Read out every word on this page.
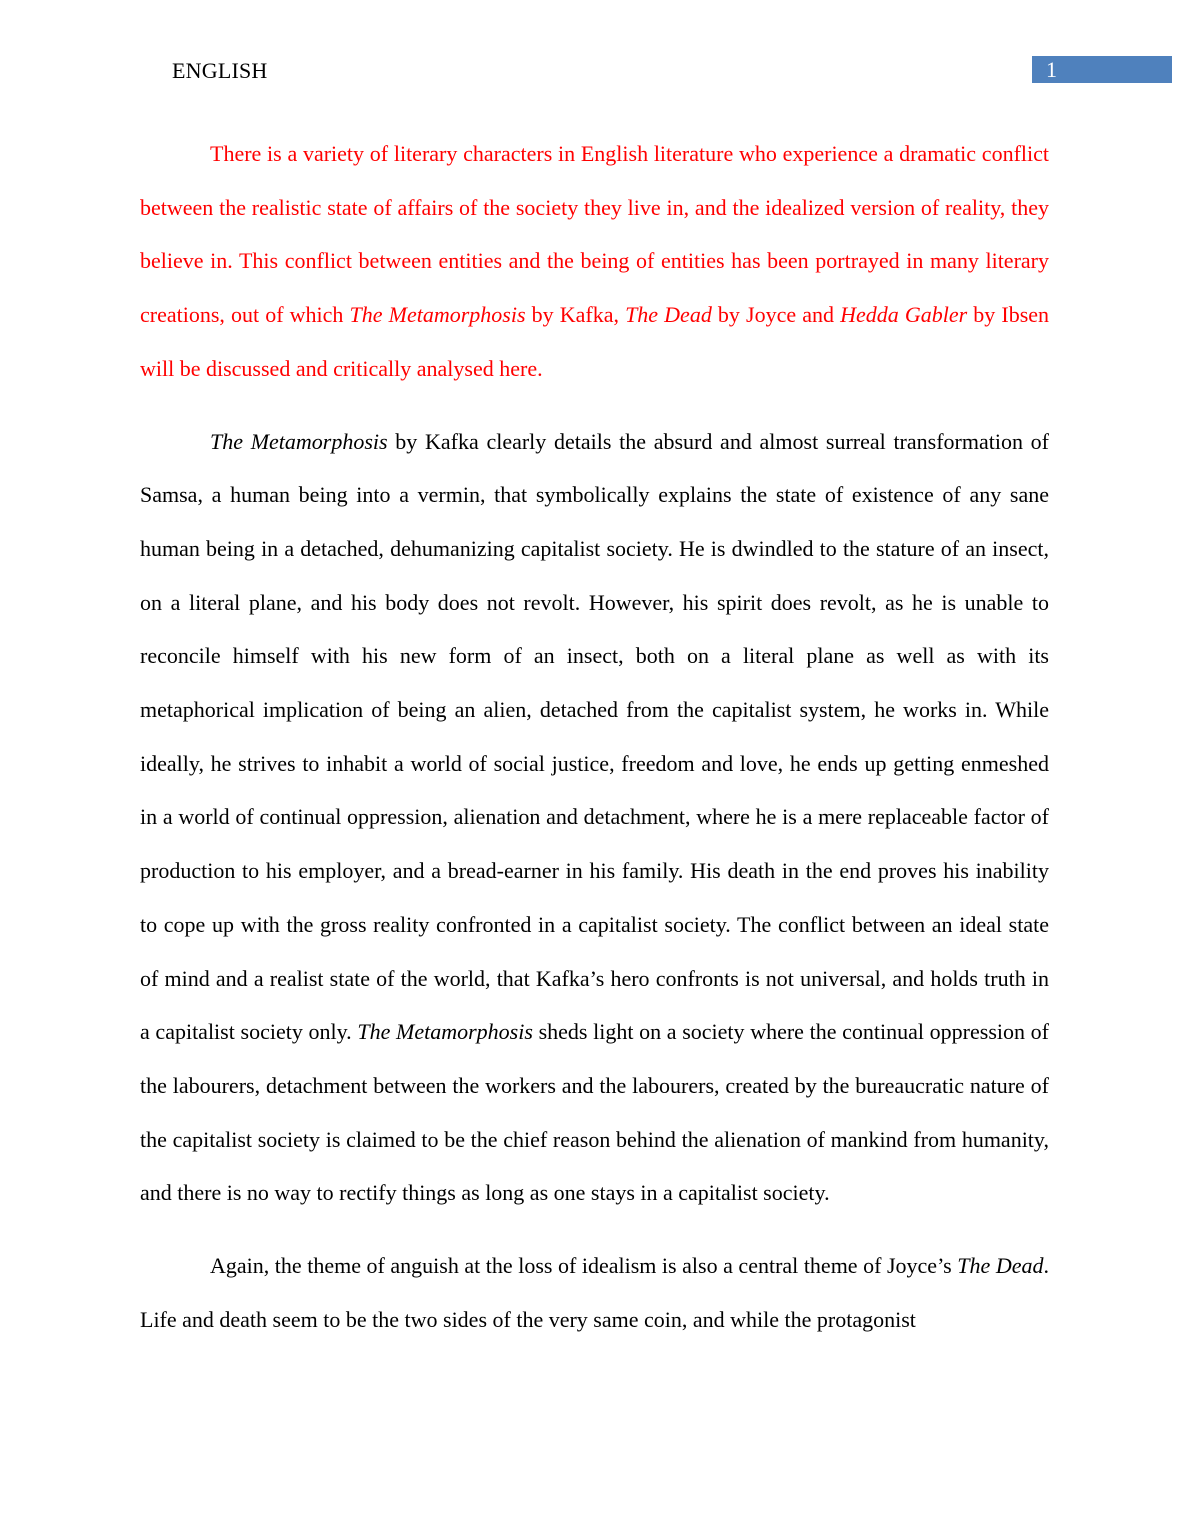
ENGLISH	1

There is a variety of literary characters in English literature who experience a dramatic conflict between the realistic state of affairs of the society they live in, and the idealized version of reality, they believe in. This conflict between entities and the being of entities has been portrayed in many literary creations, out of which The Metamorphosis by Kafka, The Dead by Joyce and Hedda Gabler by Ibsen will be discussed and critically analysed here.

The Metamorphosis by Kafka clearly details the absurd and almost surreal transformation of Samsa, a human being into a vermin, that symbolically explains the state of existence of any sane human being in a detached, dehumanizing capitalist society. He is dwindled to the stature of an insect, on a literal plane, and his body does not revolt. However, his spirit does revolt, as he is unable to reconcile himself with his new form of an insect, both on a literal plane as well as with its metaphorical implication of being an alien, detached from the capitalist system, he works in. While ideally, he strives to inhabit a world of social justice, freedom and love, he ends up getting enmeshed in a world of continual oppression, alienation and detachment, where he is a mere replaceable factor of production to his employer, and a bread-earner in his family. His death in the end proves his inability to cope up with the gross reality confronted in a capitalist society. The conflict between an ideal state of mind and a realist state of the world, that Kafka’s hero confronts is not universal, and holds truth in a capitalist society only. The Metamorphosis sheds light on a society where the continual oppression of the labourers, detachment between the workers and the labourers, created by the bureaucratic nature of the capitalist society is claimed to be the chief reason behind the alienation of mankind from humanity, and there is no way to rectify things as long as one stays in a capitalist society.

Again, the theme of anguish at the loss of idealism is also a central theme of Joyce’s The Dead. Life and death seem to be the two sides of the very same coin, and while the protagonist
